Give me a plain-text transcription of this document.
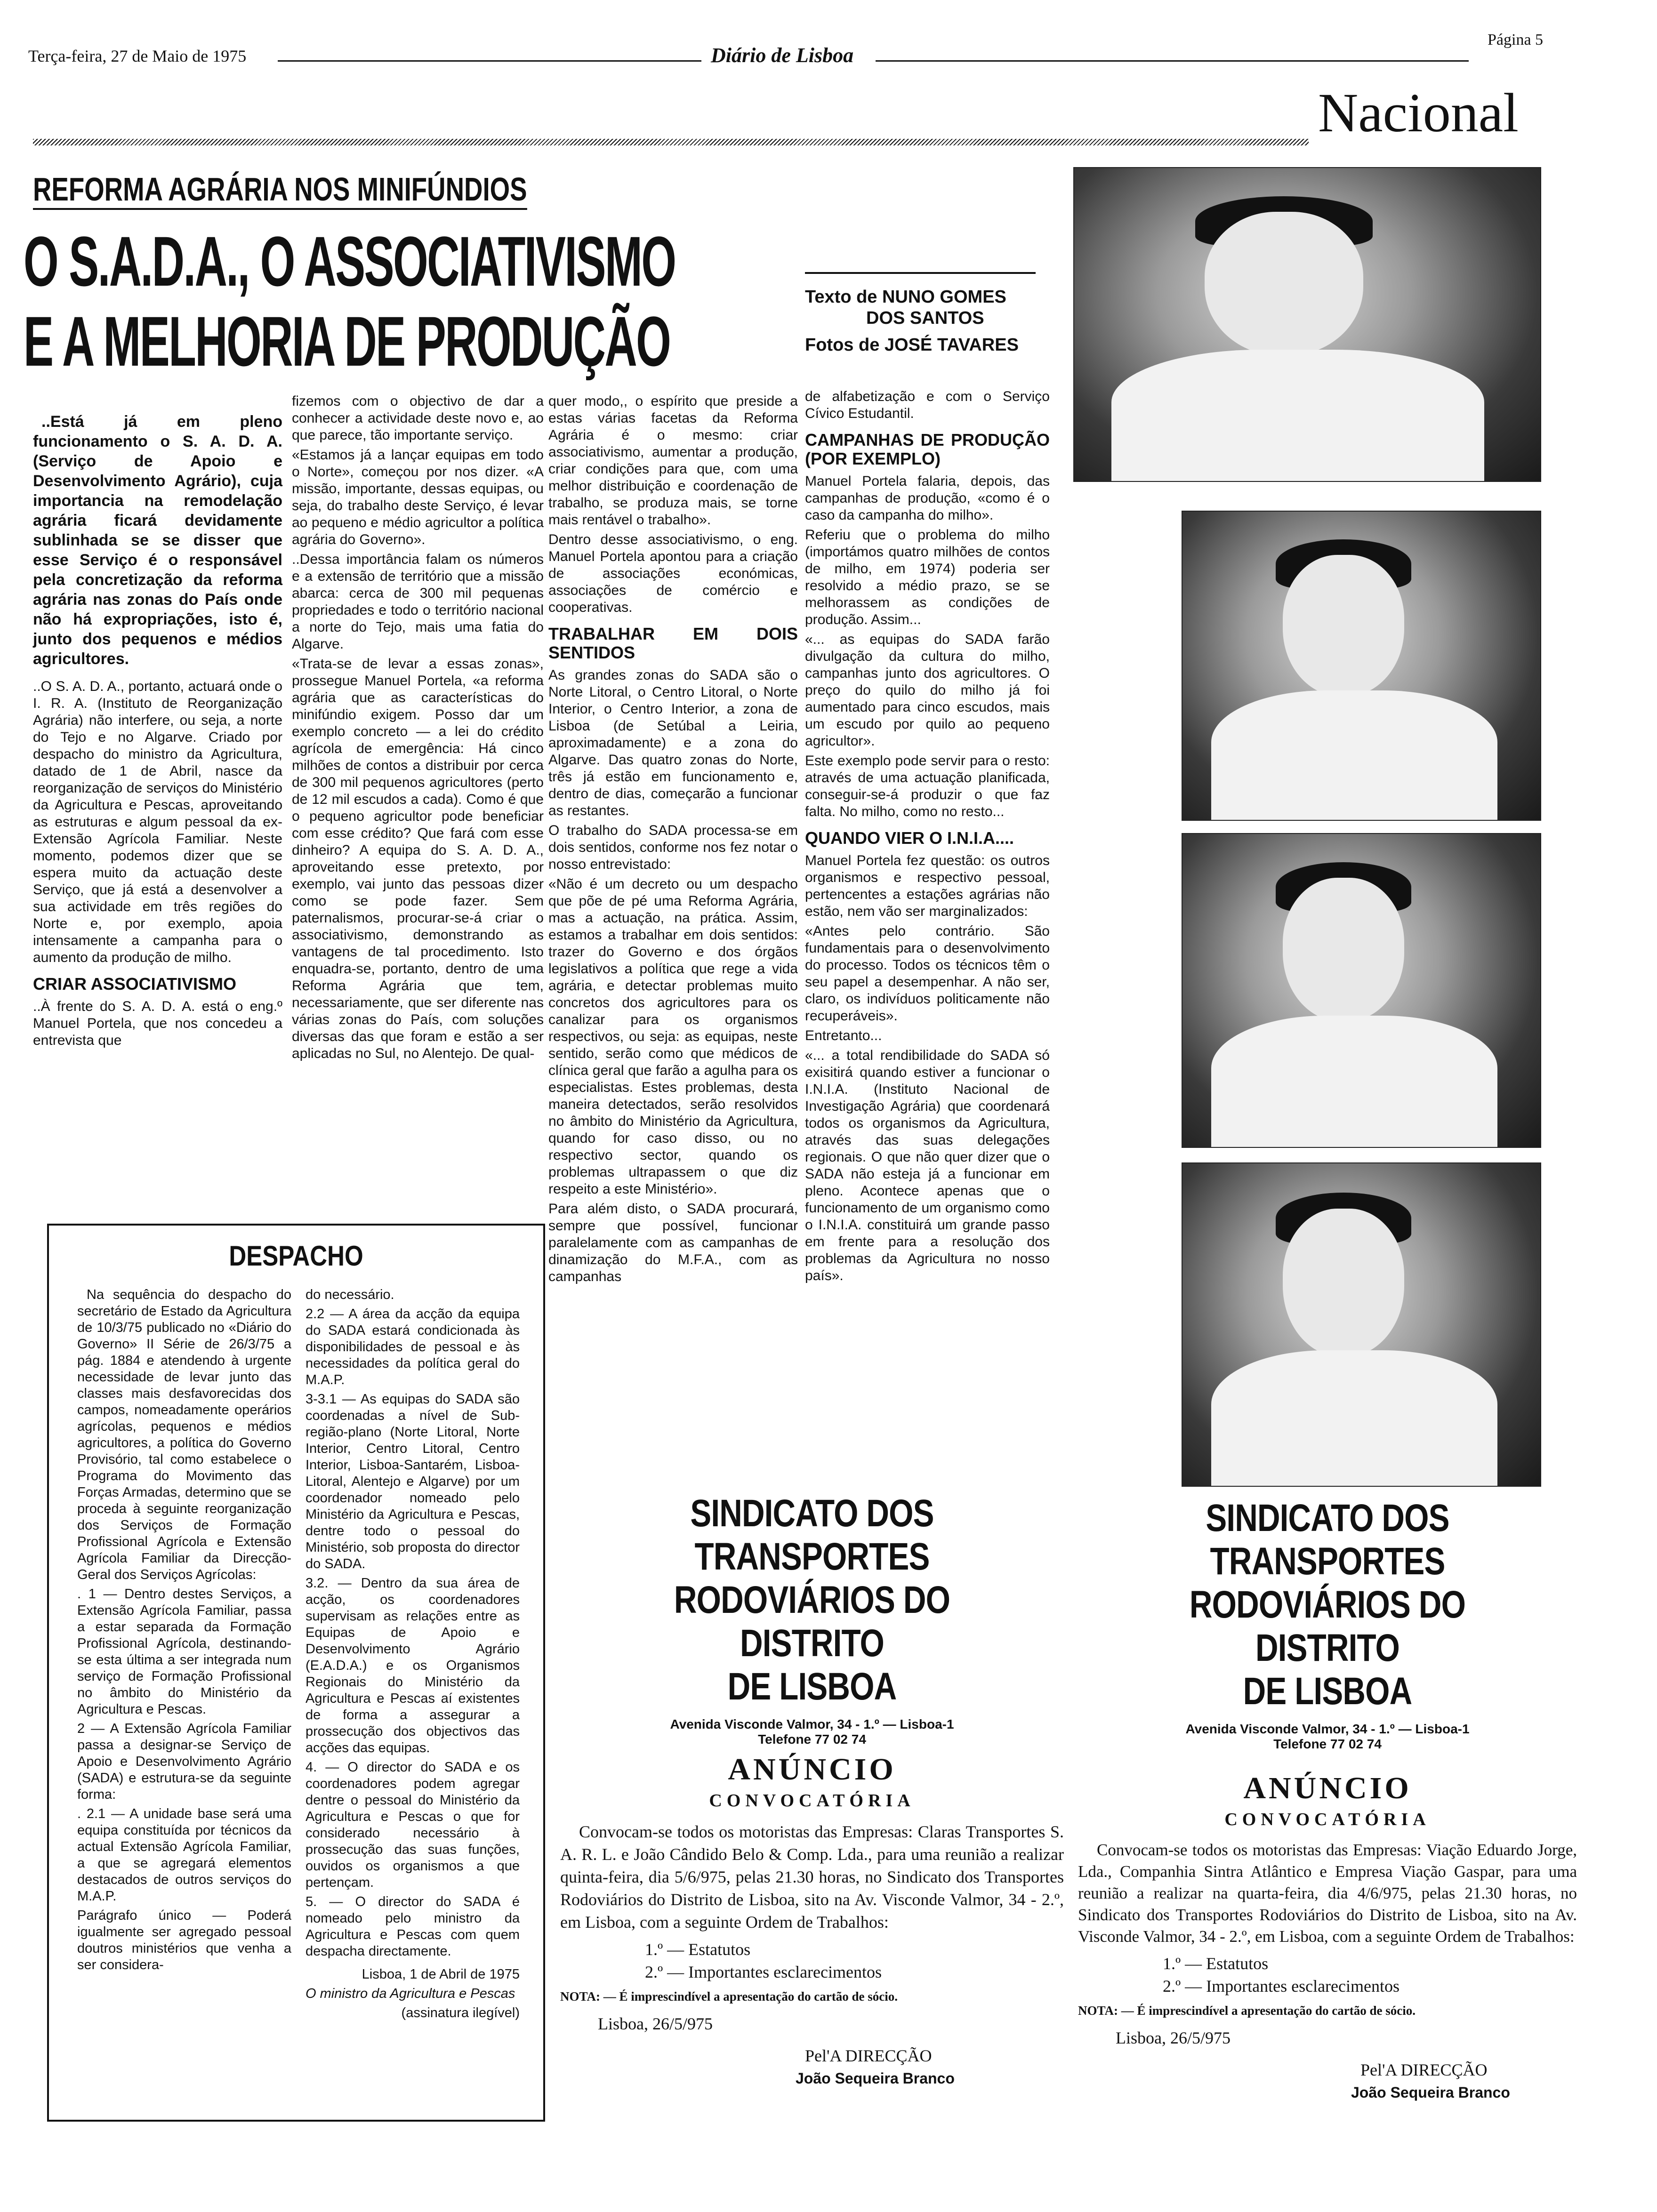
Terça-feira, 27 de Maio de 1975	Diário de Lisboa
Página 5
Nacional
REFORMA AGRÁRIA NOS MINIFÚNDIOS
O S.A.D.A., O ASSOCIATIVISMO
E A MELHORIA DE PRODUÇÃO
Texto de NUNO GOMES
DOS SANTOS
Fotos de JOSÉ TAVARES

..Está já em pleno funcionamento o S. A. D. A. (Serviço de Apoio e Desenvolvimento Agrário), cuja importancia na remodelação agrária ficará devidamente sublinhada se se disser que esse Serviço é o responsável pela concretização da reforma agrária nas zonas do País onde não há expropriações, isto é, junto dos pequenos e médios agricultores.

..O S. A. D. A., portanto, actuará onde o I. R. A. (Instituto de Reorganização Agrária) não interfere, ou seja, a norte do Tejo e no Algarve. Criado por despacho do ministro da Agricultura, datado de 1 de Abril, nasce da reorganização de serviços do Ministério da Agricultura e Pescas, aproveitando as estruturas e algum pessoal da ex-Extensão Agrícola Familiar. Neste momento, podemos dizer que se espera muito da actuação deste Serviço, que já está a desenvolver a sua actividade em três regiões do Norte e, por exemplo, apoia intensamente a campanha para o aumento da produção de milho.

CRIAR ASSOCIATIVISMO

..À frente do S. A. D. A. está o eng.º Manuel Portela, que nos concedeu a entrevista que

fizemos com o objectivo de dar a conhecer a actividade deste novo e, ao que parece, tão importante serviço.

«Estamos já a lançar equipas em todo o Norte», começou por nos dizer. «A missão, importante, dessas equipas, ou seja, do trabalho deste Serviço, é levar ao pequeno e médio agricultor a política agrária do Governo».

..Dessa importância falam os números e a extensão de território que a missão abarca: cerca de 300 mil pequenas propriedades e todo o território nacional a norte do Tejo, mais uma fatia do Algarve.

«Trata-se de levar a essas zonas», prossegue Manuel Portela, «a reforma agrária que as características do minifúndio exigem. Posso dar um exemplo concreto — a lei do crédito agrícola de emergência: Há cinco milhões de contos a distribuir por cerca de 300 mil pequenos agricultores (perto de 12 mil escudos a cada). Como é que o pequeno agricultor pode beneficiar com esse crédito? Que fará com esse dinheiro? A equipa do S. A. D. A., aproveitando esse pretexto, por exemplo, vai junto das pessoas dizer como se pode fazer. Sem paternalismos, procurar-se-á criar o associativismo, demonstrando as vantagens de tal procedimento. Isto enquadra-se, portanto, dentro de uma Reforma Agrária que tem, necessariamente, que ser diferente nas várias zonas do País, com soluções diversas das que foram e estão a ser aplicadas no Sul, no Alentejo. De qual-

quer modo,, o espírito que preside a estas várias facetas da Reforma Agrária é o mesmo: criar associativismo, aumentar a produção, criar condições para que, com uma melhor distribuição e coordenação de trabalho, se produza mais, se torne mais rentável o trabalho».

Dentro desse associativismo, o eng. Manuel Portela apontou para a criação de associações económicas, associações de comércio e cooperativas.

TRABALHAR EM DOIS SENTIDOS

As grandes zonas do SADA são o Norte Litoral, o Centro Litoral, o Norte Interior, o Centro Interior, a zona de Lisboa (de Setúbal a Leiria, aproximadamente) e a zona do Algarve. Das quatro zonas do Norte, três já estão em funcionamento e, dentro de dias, começarão a funcionar as restantes.

O trabalho do SADA processa-se em dois sentidos, conforme nos fez notar o nosso entrevistado:

«Não é um decreto ou um despacho que põe de pé uma Reforma Agrária, mas a actuação, na prática. Assim, estamos a trabalhar em dois sentidos: trazer do Governo e dos órgãos legislativos a política que rege a vida agrária, e detectar problemas muito concretos dos agricultores para os canalizar para os organismos respectivos, ou seja: as equipas, neste sentido, serão como que médicos de clínica geral que farão a agulha para os especialistas. Estes problemas, desta maneira detectados, serão resolvidos no âmbito do Ministério da Agricultura, quando for caso disso, ou no respectivo sector, quando os problemas ultrapassem o que diz respeito a este Ministério».

Para além disto, o SADA procurará, sempre que possível, funcionar paralelamente com as campanhas de dinamização do M.F.A., com as campanhas

de alfabetização e com o Serviço Cívico Estudantil.

CAMPANHAS DE PRODUÇÃO (POR EXEMPLO)

Manuel Portela falaria, depois, das campanhas de produção, «como é o caso da campanha do milho».

Referiu que o problema do milho (importámos quatro milhões de contos de milho, em 1974) poderia ser resolvido a médio prazo, se se melhorassem as condições de produção. Assim...

«... as equipas do SADA farão divulgação da cultura do milho, campanhas junto dos agricultores. O preço do quilo do milho já foi aumentado para cinco escudos, mais um escudo por quilo ao pequeno agricultor».

Este exemplo pode servir para o resto: através de uma actuação planificada, conseguir-se-á produzir o que faz falta. No milho, como no resto...

QUANDO VIER O I.N.I.A....

Manuel Portela fez questão: os outros organismos e respectivo pessoal, pertencentes a estações agrárias não estão, nem vão ser marginalizados:

«Antes pelo contrário. São fundamentais para o desenvolvimento do processo. Todos os técnicos têm o seu papel a desempenhar. A não ser, claro, os indivíduos politicamente não recuperáveis».

Entretanto...

«... a total rendibilidade do SADA só exisitirá quando estiver a funcionar o I.N.I.A. (Instituto Nacional de Investigação Agrária) que coordenará todos os organismos da Agricultura, através das suas delegações regionais. O que não quer dizer que o SADA não esteja já a funcionar em pleno. Acontece apenas que o funcionamento de um organismo como o I.N.I.A. constituirá um grande passo em frente para a resolução dos problemas da Agricultura no nosso país».

DESPACHO

Na sequência do despacho do secretário de Estado da Agricultura de 10/3/75 publicado no «Diário do Governo» II Série de 26/3/75 a pág. 1884 e atendendo à urgente necessidade de levar junto das classes mais desfavorecidas dos campos, nomeadamente operários agrícolas, pequenos e médios agricultores, a política do Governo Provisório, tal como estabelece o Programa do Movimento das Forças Armadas, determino que se proceda à seguinte reorganização dos Serviços de Formação Profissional Agrícola e Extensão Agrícola Familiar da Direcção-Geral dos Serviços Agrícolas:

. 1 — Dentro destes Serviços, a Extensão Agrícola Familiar, passa a estar separada da Formação Profissional Agrícola, destinando-se esta última a ser integrada num serviço de Formação Profissional no âmbito do Ministério da Agricultura e Pescas.

2 — A Extensão Agrícola Familiar passa a designar-se Serviço de Apoio e Desenvolvimento Agrário (SADA) e estrutura-se da seguinte forma:

. 2.1 — A unidade base será uma equipa constituída por técnicos da actual Extensão Agrícola Familiar, a que se agregará elementos destacados de outros serviços do M.A.P.

Parágrafo único — Poderá igualmente ser agregado pessoal doutros ministérios que venha a ser considera-

do necessário.

2.2 — A área da acção da equipa do SADA estará condicionada às disponibilidades de pessoal e às necessidades da política geral do M.A.P.

3-3.1 — As equipas do SADA são coordenadas a nível de Sub-região-plano (Norte Litoral, Norte Interior, Centro Litoral, Centro Interior, Lisboa-Santarém, Lisboa-Litoral, Alentejo e Algarve) por um coordenador nomeado pelo Ministério da Agricultura e Pescas, dentre todo o pessoal do Ministério, sob proposta do director do SADA.

3.2. — Dentro da sua área de acção, os coordenadores supervisam as relações entre as Equipas de Apoio e Desenvolvimento Agrário (E.A.D.A.) e os Organismos Regionais do Ministério da Agricultura e Pescas aí existentes de forma a assegurar a prossecução dos objectivos das acções das equipas.

4. — O director do SADA e os coordenadores podem agregar dentre o pessoal do Ministério da Agricultura e Pescas o que for considerado necessário à prossecução das suas funções, ouvidos os organismos a que pertençam.

5. — O director do SADA é nomeado pelo ministro da Agricultura e Pescas com quem despacha directamente.

Lisboa, 1 de Abril de 1975

O ministro da Agricultura e Pescas

(assinatura ilegível)

SINDICATO DOS TRANSPORTES
RODOVIÁRIOS DO DISTRITO
DE LISBOA
Avenida Visconde Valmor, 34 - 1.º — Lisboa-1
Telefone 77 02 74
ANÚNCIO
CONVOCATÓRIA
Convocam-se todos os motoristas das Empresas: Claras Transportes S. A. R. L. e João Cândido Belo & Comp. Lda., para uma reunião a realizar quinta-feira, dia 5/6/975, pelas 21.30 horas, no Sindicato dos Transportes Rodoviários do Distrito de Lisboa, sito na Av. Visconde Valmor, 34 - 2.º, em Lisboa, com a seguinte Ordem de Trabalhos:
1.º — Estatutos
2.º — Importantes esclarecimentos
NOTA: — É imprescindível a apresentação do cartão de sócio.
Lisboa, 26/5/975
Pel'A DIRECÇÃO
João Sequeira Branco
SINDICATO DOS TRANSPORTES
RODOVIÁRIOS DO DISTRITO
DE LISBOA
Avenida Visconde Valmor, 34 - 1.º — Lisboa-1
Telefone 77 02 74
ANÚNCIO
CONVOCATÓRIA
Convocam-se todos os motoristas das Empresas: Viação Eduardo Jorge, Lda., Companhia Sintra Atlântico e Empresa Viação Gaspar, para uma reunião a realizar na quarta-feira, dia 4/6/975, pelas 21.30 horas, no Sindicato dos Transportes Rodoviários do Distrito de Lisboa, sito na Av. Visconde Valmor, 34 - 2.º, em Lisboa, com a seguinte Ordem de Trabalhos:
1.º — Estatutos
2.º — Importantes esclarecimentos
NOTA: — É imprescindível a apresentação do cartão de sócio.
Lisboa, 26/5/975
Pel'A DIRECÇÃO
João Sequeira Branco
